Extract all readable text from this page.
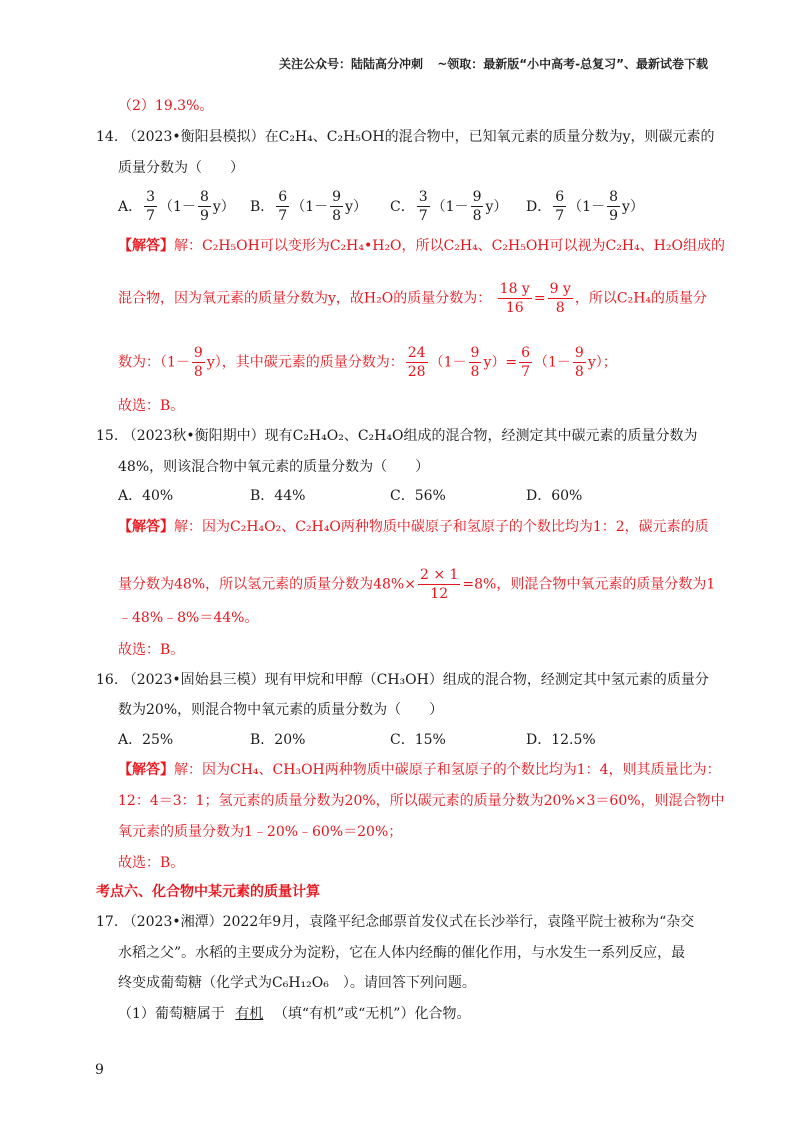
关注公众号：陆陆高分冲刺 ~领取：最新版“小中高考-总复习”、最新试卷下载
（2）19.3%。
14. （2023•衡阳县模拟）在C₂H₄、C₂H₅OH的混合物中，已知氧元素的质量分数为y，则碳元素的
质量分数为（　　）
A． $\frac{3}{7} (1- \frac{8}{9} y)$ B． $\frac{6}{7} (1- \frac{9}{8} y)$ C． $\frac{3}{7} (1- \frac{9}{8} y)$ D． $\frac{6}{7} (1- \frac{8}{9} y)$
【解答】解：C₂H₅OH可以变形为C₂H₄•H₂O，所以C₂H₄、C₂H₅OH可以视为C₂H₄、H₂O组成的
混合物，因为氧元素的质量分数为y，故H₂O的质量分数为： $\frac{18 y}{16} = \frac{9 y}{8}$ ，所以C₂H₄的质量分
数为：$(1- \frac{9}{8} y)$，其中碳元素的质量分数为： $\frac{24}{28} (1- \frac{9}{8} y)= \frac{6}{7} (1- \frac{9}{8} y)$；
故选：B。
15. （2023秋•衡阳期中）现有C₂H₄O₂、C₂H₄O组成的混合物，经测定其中碳元素的质量分数为
48%，则该混合物中氧元素的质量分数为（　　）
A．40%	B．44%	C．56%	D．60%
【解答】解：因为C₂H₄O₂、C₂H₄O两种物质中碳原子和氢原子的个数比均为1：2，碳元素的质
量分数为48%，所以氢元素的质量分数为$48\%\times \frac{2 \times 1}{12} =8\%$，则混合物中氧元素的质量分数为1
﹣48%﹣8%＝44%。
故选：B。
16. （2023•固始县三模）现有甲烷和甲醇（CH₃OH）组成的混合物，经测定其中氢元素的质量分
数为20%，则混合物中氧元素的质量分数为（　　）
A．25%	B．20%	C．15%	D．12.5%
【解答】解：因为CH₄、CH₃OH两种物质中碳原子和氢原子的个数比均为1：4，则其质量比为：
12：4＝3：1；氢元素的质量分数为20%，所以碳元素的质量分数为20%×3＝60%，则混合物中
氧元素的质量分数为1﹣20%﹣60%＝20%；
故选：B。
考点六、化合物中某元素的质量计算
17. （2023•湘潭）2022年9月，袁隆平纪念邮票首发仪式在长沙举行，袁隆平院士被称为“杂交
水稻之父”。水稻的主要成分为淀粉，它在人体内经酶的催化作用，与水发生一系列反应，最
终变成葡萄糖（化学式为C₆H₁₂O₆　）。请回答下列问题。
（1）葡萄糖属于 有机 （填“有机”或“无机”）化合物。
9
